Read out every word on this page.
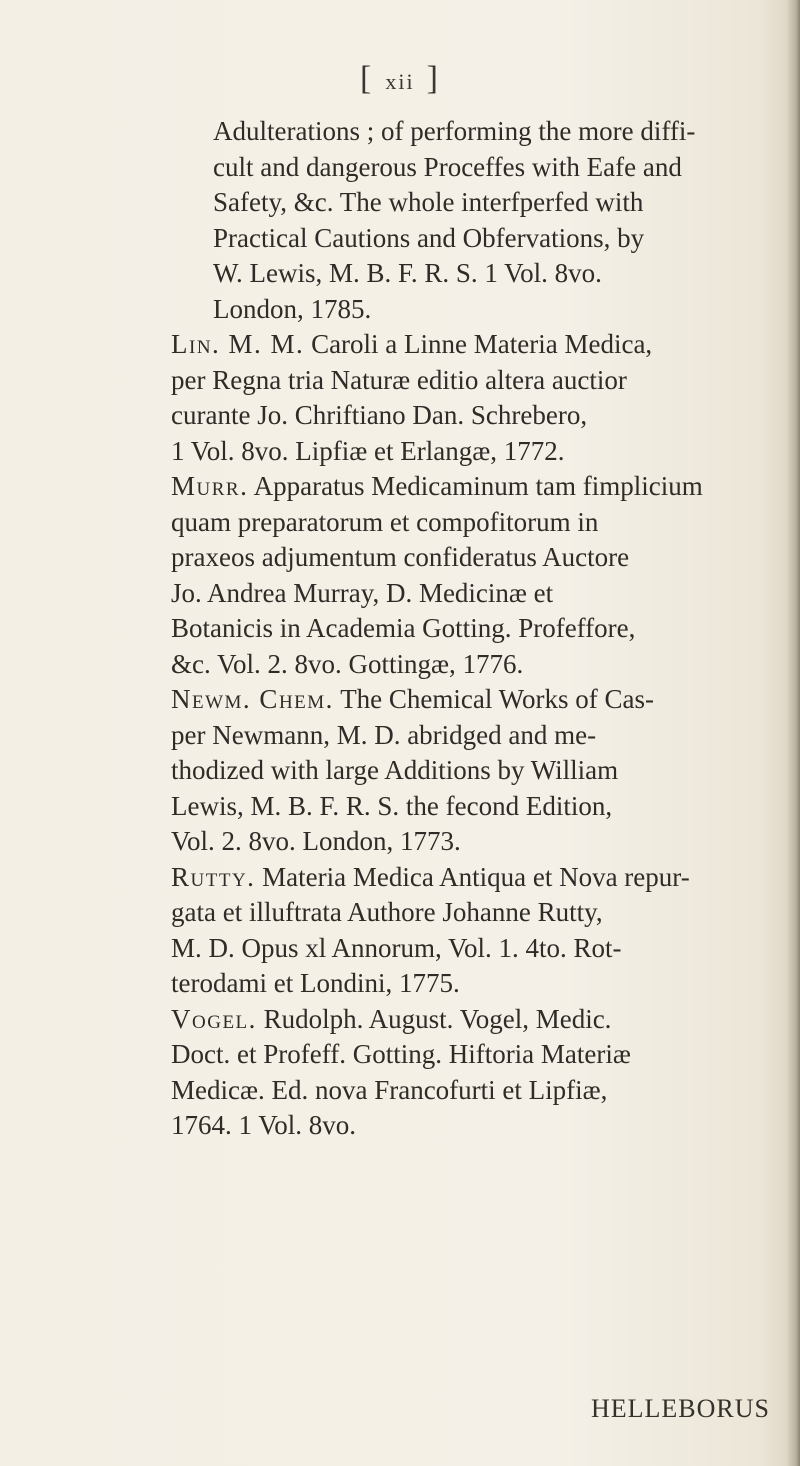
[ xii ]
Adulterations ; of performing the more diffi-
cult and dangerous Proceffes with Eafe and
Safety, &c. The whole interfperfed with
Practical Cautions and Obfervations, by
W. Lewis, M. B. F. R. S. 1 Vol. 8vo.
London, 1785.
Lin. M. M. Caroli a Linne Materia Medica,
per Regna tria Naturæ editio altera auctior
curante Jo. Chriftiano Dan. Schrebero,
1 Vol. 8vo. Lipfiæ et Erlangæ, 1772.
Murr. Apparatus Medicaminum tam fimplicium
quam preparatorum et compofitorum in
praxeos adjumentum confideratus Auctore
Jo. Andrea Murray, D. Medicinæ et
Botanicis in Academia Gotting. Profeffore,
&c. Vol. 2. 8vo. Gottingæ, 1776.
Newm. Chem. The Chemical Works of Cas-
per Newmann, M. D. abridged and me-
thodized with large Additions by William
Lewis, M. B. F. R. S. the fecond Edition,
Vol. 2. 8vo. London, 1773.
Rutty. Materia Medica Antiqua et Nova repur-
gata et illuftrata Authore Johanne Rutty,
M. D. Opus xl Annorum, Vol. 1. 4to. Rot-
terodami et Londini, 1775.
Vogel. Rudolph. August. Vogel, Medic.
Doct. et Profeff. Gotting. Hiftoria Materiæ
Medicæ. Ed. nova Francofurti et Lipfiæ,
1764. 1 Vol. 8vo.
HELLEBORUS
